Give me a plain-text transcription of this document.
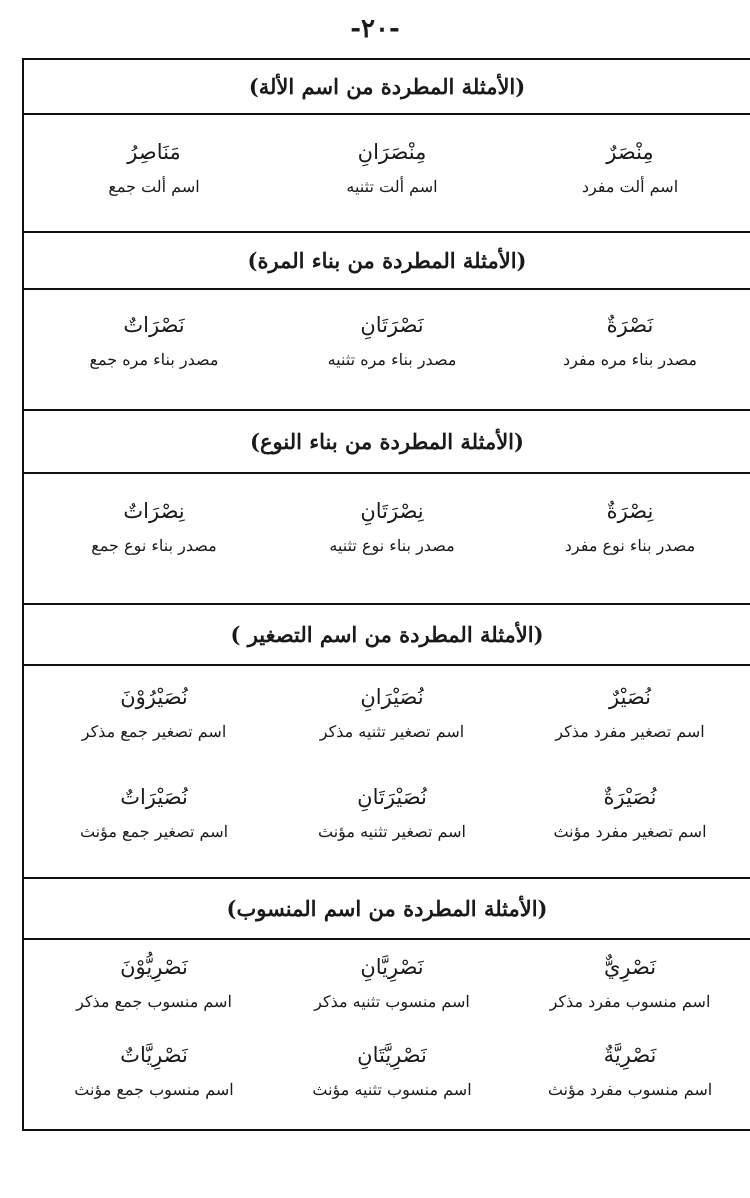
-٢٠-
(الأمثلة المطردة من اسم الألة)
مِنْصَرٌ
اسم ألت مفرد
مِنْصَرَانِ
اسم ألت تثنيه
مَنَاصِرُ
اسم ألت جمع
(الأمثلة المطردة من بناء المرة)
نَصْرَةٌ
مصدر بناء مره مفرد
نَصْرَتَانِ
مصدر بناء مره تثنيه
نَصْرَاتٌ
مصدر بناء مره جمع
(الأمثلة المطردة من بناء النوع)
نِصْرَةٌ
مصدر بناء نوع مفرد
نِصْرَتَانِ
مصدر بناء نوع تثنيه
نِصْرَاتٌ
مصدر بناء نوع جمع
(الأمثلة المطردة من اسم التصغير )
نُصَيْرٌ
اسم تصغير مفرد مذكر
نُصَيْرَانِ
اسم تصغير تثنيه مذكر
نُصَيْرُوْنَ
اسم تصغير جمع مذكر
نُصَيْرَةٌ
اسم تصغير مفرد مؤنث
نُصَيْرَتَانِ
اسم تصغير تثنيه مؤنث
نُصَيْرَاتٌ
اسم تصغير جمع مؤنث
(الأمثلة المطردة من اسم المنسوب)
نَصْرِيٌّ
اسم منسوب مفرد مذكر
نَصْرِيَّانِ
اسم منسوب تثنيه مذكر
نَصْرِيُّوْنَ
اسم منسوب جمع مذكر
نَصْرِيَّةٌ
اسم منسوب مفرد مؤنث
نَصْرِيَّتَانِ
اسم منسوب تثنيه مؤنث
نَصْرِيَّاتٌ
اسم منسوب جمع مؤنث
